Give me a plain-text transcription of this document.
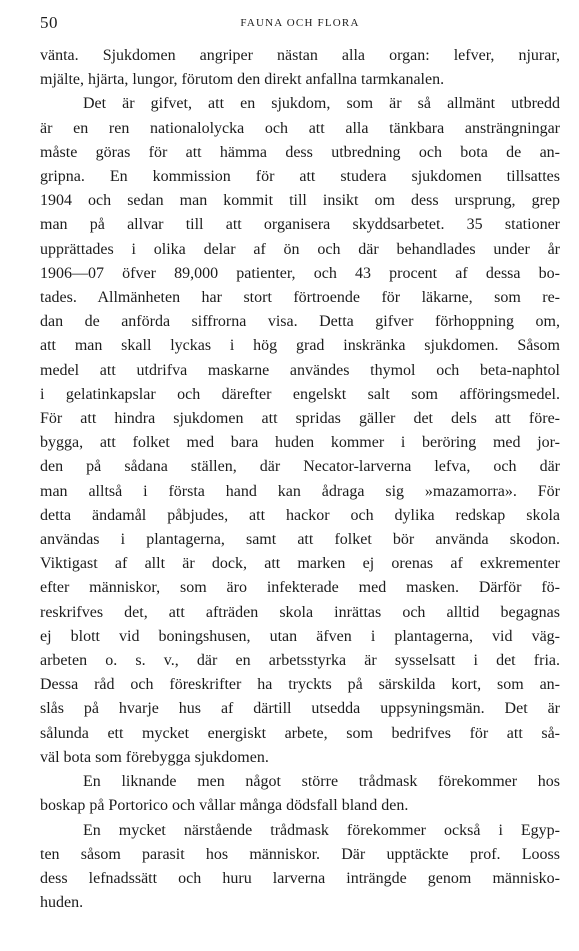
50	FAUNA OCH FLORA
vänta. Sjukdomen angriper nästan alla organ: lefver, njurar,
mjälte, hjärta, lungor, förutom den direkt anfallna tarmkanalen.
Det är gifvet, att en sjukdom, som är så allmänt utbredd
är en ren nationalolycka och att alla tänkbara ansträngningar
måste göras för att hämma dess utbredning och bota de an-
gripna. En kommission för att studera sjukdomen tillsattes
1904 och sedan man kommit till insikt om dess ursprung, grep
man på allvar till att organisera skyddsarbetet. 35 stationer
upprättades i olika delar af ön och där behandlades under år
1906—07 öfver 89,000 patienter, och 43 procent af dessa bo-
tades. Allmänheten har stort förtroende för läkarne, som re-
dan de anförda siffrorna visa. Detta gifver förhoppning om,
att man skall lyckas i hög grad inskränka sjukdomen. Såsom
medel att utdrifva maskarne användes thymol och beta-naphtol
i gelatinkapslar och därefter engelskt salt som afföringsmedel.
För att hindra sjukdomen att spridas gäller det dels att före-
bygga, att folket med bara huden kommer i beröring med jor-
den på sådana ställen, där Necator-larverna lefva, och där
man alltså i första hand kan ådraga sig »mazamorra». För
detta ändamål påbjudes, att hackor och dylika redskap skola
användas i plantagerna, samt att folket bör använda skodon.
Viktigast af allt är dock, att marken ej orenas af exkrementer
efter människor, som äro infekterade med masken. Därför fö-
reskrifves det, att afträden skola inrättas och alltid begagnas
ej blott vid boningshusen, utan äfven i plantagerna, vid väg-
arbeten o. s. v., där en arbetsstyrka är sysselsatt i det fria.
Dessa råd och föreskrifter ha tryckts på särskilda kort, som an-
slås på hvarje hus af därtill utsedda uppsyningsmän. Det är
sålunda ett mycket energiskt arbete, som bedrifves för att så-
väl bota som förebygga sjukdomen.
En liknande men något större trådmask förekommer hos
boskap på Portorico och vållar många dödsfall bland den.
En mycket närstående trådmask förekommer också i Egyp-
ten såsom parasit hos människor. Där upptäckte prof. Looss
dess lefnadssätt och huru larverna inträngde genom människo-
huden.
